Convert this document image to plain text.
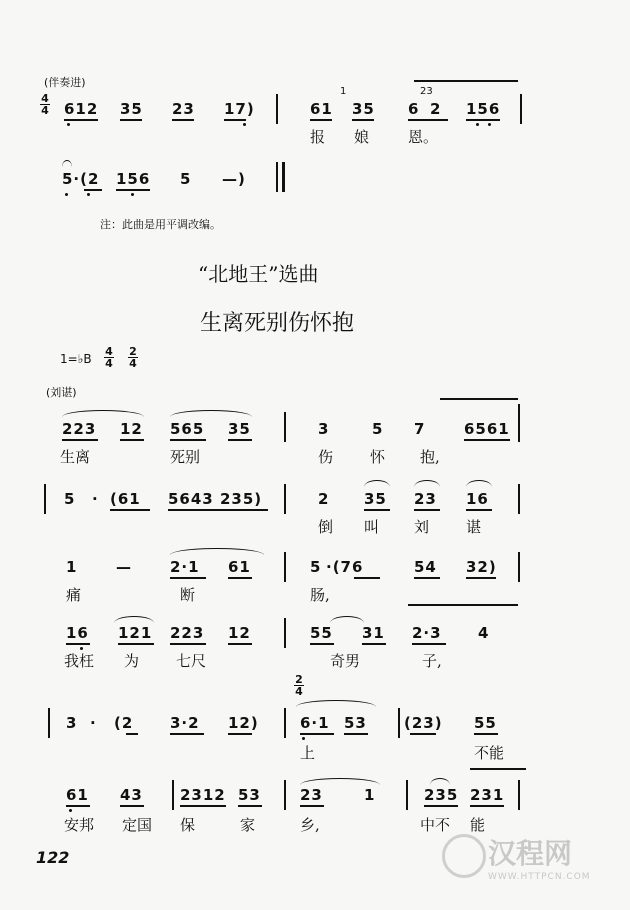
(伴奏进)
4
4 612 35 23 17)
1	23
61 35 6 2 156
报 娘	恩。
5·(2 156 5 —)
注：此曲是用平调改编。
“北地王”选曲
生离死别伤怀抱
1=♭B
4
4
2
4
(刘谌)
223 12 565 35	3	5 7	6561
生离	死别	伤 怀 抱,
5 · (61 5643 235)	2 35 23 16
倒 叫 刘 谌
1	—	2·1 61	5 ·(76	54 32)
痛	断	肠,
16 121 223 12	55 31 2·3 4
我枉 为 七尺	奇男	子,
2
4
3 · (2 3·2 12)	6·1 53 (23) 55
上	不能
61 43 2312 53	23	1	235 231
安邦 定国 保	家	乡,	中不 能
122	汉程网
WWW.HTTPCN.COM
